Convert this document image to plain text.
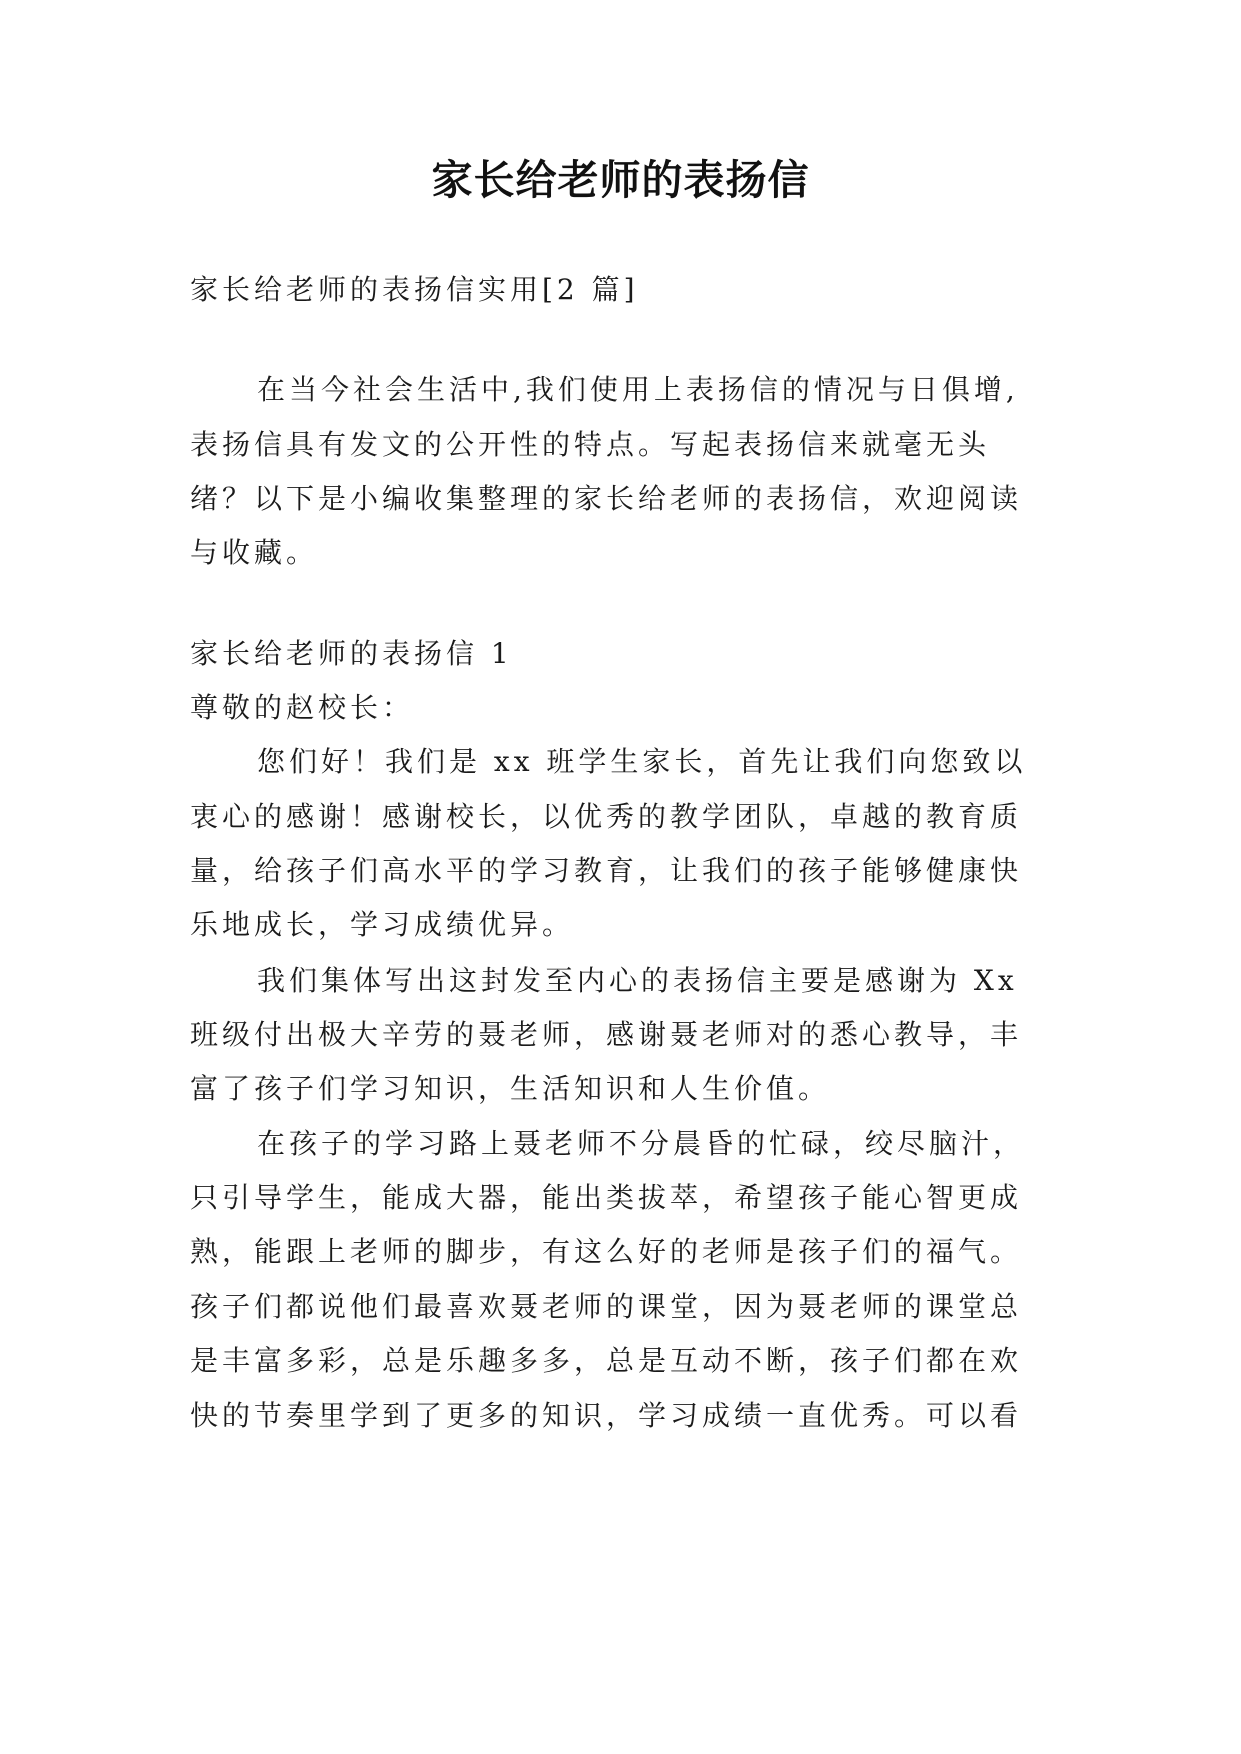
家长给老师的表扬信

家长给老师的表扬信实用[2 篇]

在当今社会生活中,我们使用上表扬信的情况与日俱增,

表扬信具有发文的公开性的特点。写起表扬信来就毫无头

绪？以下是小编收集整理的家长给老师的表扬信，欢迎阅读

与收藏。

家长给老师的表扬信 1

尊敬的赵校长：

您们好！我们是 xx 班学生家长，首先让我们向您致以

衷心的感谢！感谢校长，以优秀的教学团队，卓越的教育质

量，给孩子们高水平的学习教育，让我们的孩子能够健康快

乐地成长，学习成绩优异。

我们集体写出这封发至内心的表扬信主要是感谢为 Xx

班级付出极大辛劳的聂老师，感谢聂老师对的悉心教导，丰

富了孩子们学习知识，生活知识和人生价值。

在孩子的学习路上聂老师不分晨昏的忙碌，绞尽脑汁，

只引导学生，能成大器，能出类拔萃，希望孩子能心智更成

熟，能跟上老师的脚步，有这么好的老师是孩子们的福气。

孩子们都说他们最喜欢聂老师的课堂，因为聂老师的课堂总

是丰富多彩，总是乐趣多多，总是互动不断，孩子们都在欢

快的节奏里学到了更多的知识，学习成绩一直优秀。可以看
